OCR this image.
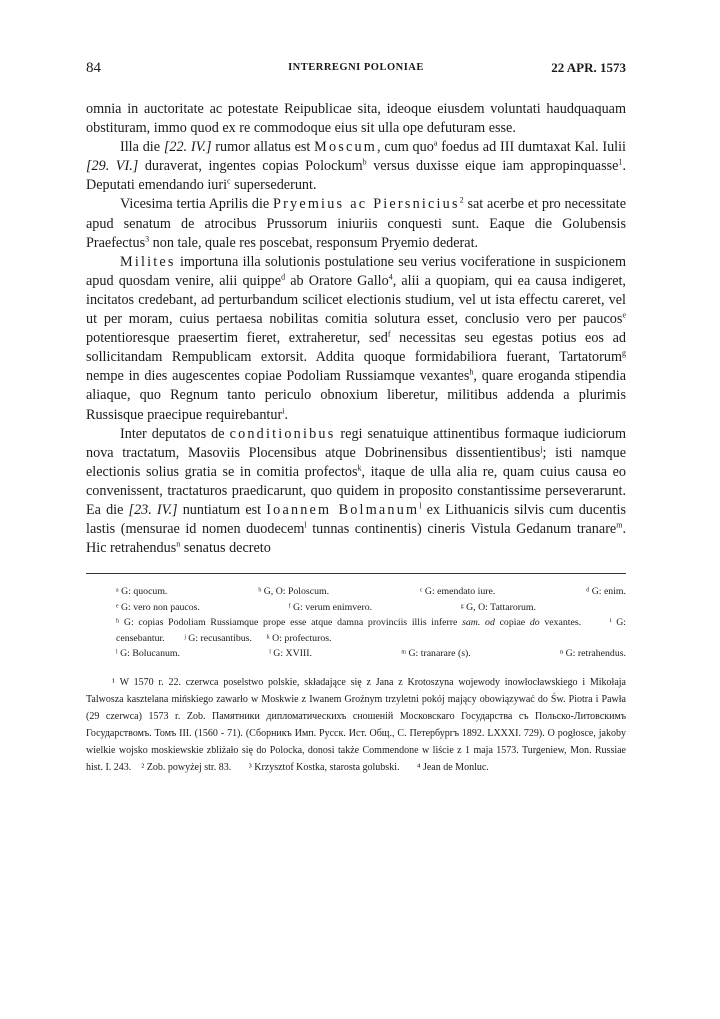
84	INTERREGNI POLONIAE	22 APR. 1573

omnia in auctoritate ac potestate Reipublicae sita, ideoque eiusdem voluntati haudquaquam obstituram, immo quod ex re commodoque eius sit ulla ope defuturam esse.

Illa die [22. IV.] rumor allatus est Moscum, cum quo$^a$ foedus ad III dumtaxat Kal. Iulii [29. VI.] duraverat, ingentes copias Polockum$^b$ versus duxisse eique iam appropinquasse$^1$. Deputati emendando iuri$^c$ supersederunt.

Vicesima tertia Aprilis die Pryemius ac Piersnicius$^2$ sat acerbe et pro necessitate apud senatum de atrocibus Prussorum iniuriis conquesti sunt. Eaque die Golubensis Praefectus$^3$ non tale, quale res poscebat, responsum Pryemio dederat.

Milites importuna illa solutionis postulatione seu verius vociferatione in suspicionem apud quosdam venire, alii quippe$^d$ ab Oratore Gallo$^4$, alii a quopiam, qui ea causa indigeret, incitatos credebant, ad perturbandum scilicet electionis studium, vel ut ista effectu careret, vel ut per moram, cuius pertaesa nobilitas comitia solutura esset, conclusio vero per paucos$^e$ potentioresque praesertim fieret, extraheretur, sed$^f$ necessitas seu egestas potius eos ad sollicitandam Rempublicam extorsit. Addita quoque formidabiliora fuerant, Tartatorum$^g$ nempe in dies augescentes copiae Podoliam Russiamque vexantes$^h$, quare eroganda stipendia aliaque, quo Regnum tanto periculo obnoxium liberetur, militibus addenda a plurimis Russisque praecipue requirebantur$^i$.

Inter deputatos de conditionibus regi senatuique attinentibus formaque iudiciorum nova tractatum, Masoviis Plocensibus atque Dobrinensibus dissentientibus$^j$; isti namque electionis solius gratia se in comitia profectos$^k$, itaque de ulla alia re, quam cuius causa eo convenissent, tractaturos praedicarunt, quo quidem in proposito constantissime perseverarunt. Ea die [23. IV.] nuntiatum est Ioannem Bolmanum$^l$ ex Lithuanicis silvis cum ducentis lastis (mensurae id nomen duodecem$^l$ tunnas continentis) cineris Vistula Gedanum tranare$^m$. Hic retrahendus$^n$ senatus decreto

ᵃ G: quocum.	ᵇ G, O: Poloscum.	ᶜ G: emendato iure.	ᵈ G: enim.
ᵉ G: vero non paucos.	ᶠ G: verum enimvero.	ᵍ G, O: Tattarorum.
ʰ G: copias Podoliam Russiamque prope esse atque damna provinciis illis inferre sam. od copiae do vexantes.	ⁱ G: censebantur. ʲ G: recusantibus. ᵏ O: profecturos.
ˡ G: Bolucanum.	ˡ G: XVIII.	ᵐ G: tranarare (s).	ⁿ G: retrahendus.
¹ W 1570 r. 22. czerwca poselstwo polskie, składające się z Jana z Krotoszyna wojewody inowłocławskiego i Mikołaja Talwosza kasztelana mińskiego zawarło w Moskwie z Iwanem Groźnym trzyletni pokój mający obowiązywać do Św. Piotra i Pawła (29 czerwca) 1573 r. Zob. Памятники дипломатическихъ сношеній Московскаго Государства съ Польско-Литовскимъ Государствомъ. Томъ III. (1560 - 71). (Сборникъ Имп. Русск. Ист. Общ., С. Петербургъ 1892. LXXXI. 729). O pogłosce, jakoby wielkie wojsko moskiewskie zbliżało się do Polocka, donosi także Commendone w liście z 1 maja 1573. Turgeniew, Mon. Russiae hist. I. 243. ² Zob. powyżej str. 83. ³ Krzysztof Kostka, starosta golubski. ⁴ Jean de Monluc.
